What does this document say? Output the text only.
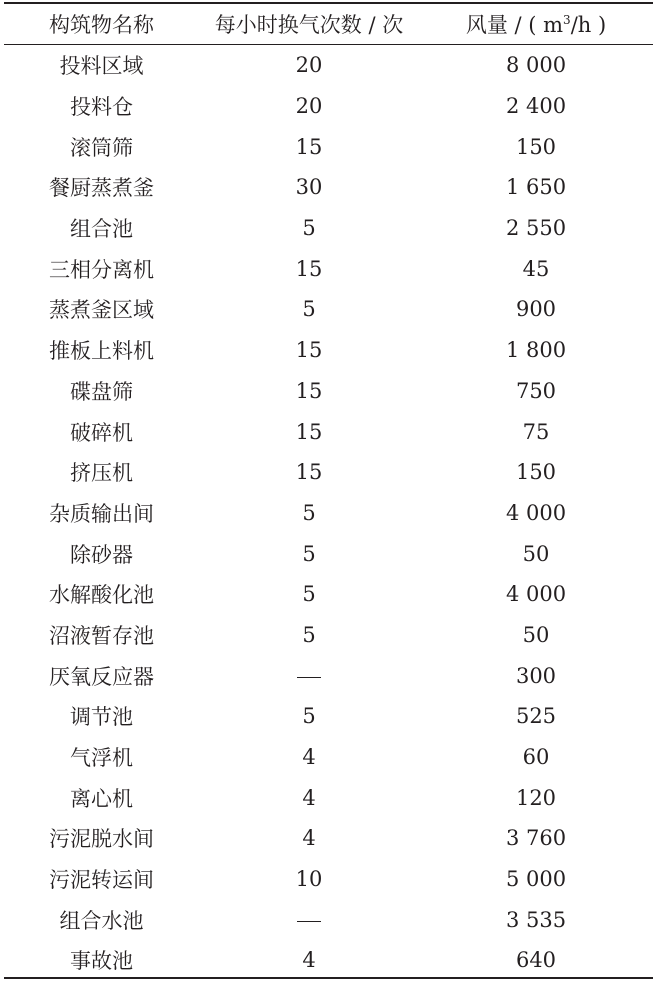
构筑物名称	每小时换气次数 / 次	风量 / ( $m^3/h$ )
投料区域	20	8 000
投料仓	20	2 400
滚筒筛	15	150
餐厨蒸煮釜	30	1 650
组合池	5	2 550
三相分离机	15	45
蒸煮釜区域	5	900
推板上料机	15	1 800
碟盘筛	15	750
破碎机	15	75
挤压机	15	150
杂质输出间	5	4 000
除砂器	5	50
水解酸化池	5	4 000
沼液暂存池	5	50
厌氧反应器		300
调节池	5	525
气浮机	4	60
离心机	4	120
污泥脱水间	4	3 760
污泥转运间	10	5 000
组合水池		3 535
事故池	4	640
